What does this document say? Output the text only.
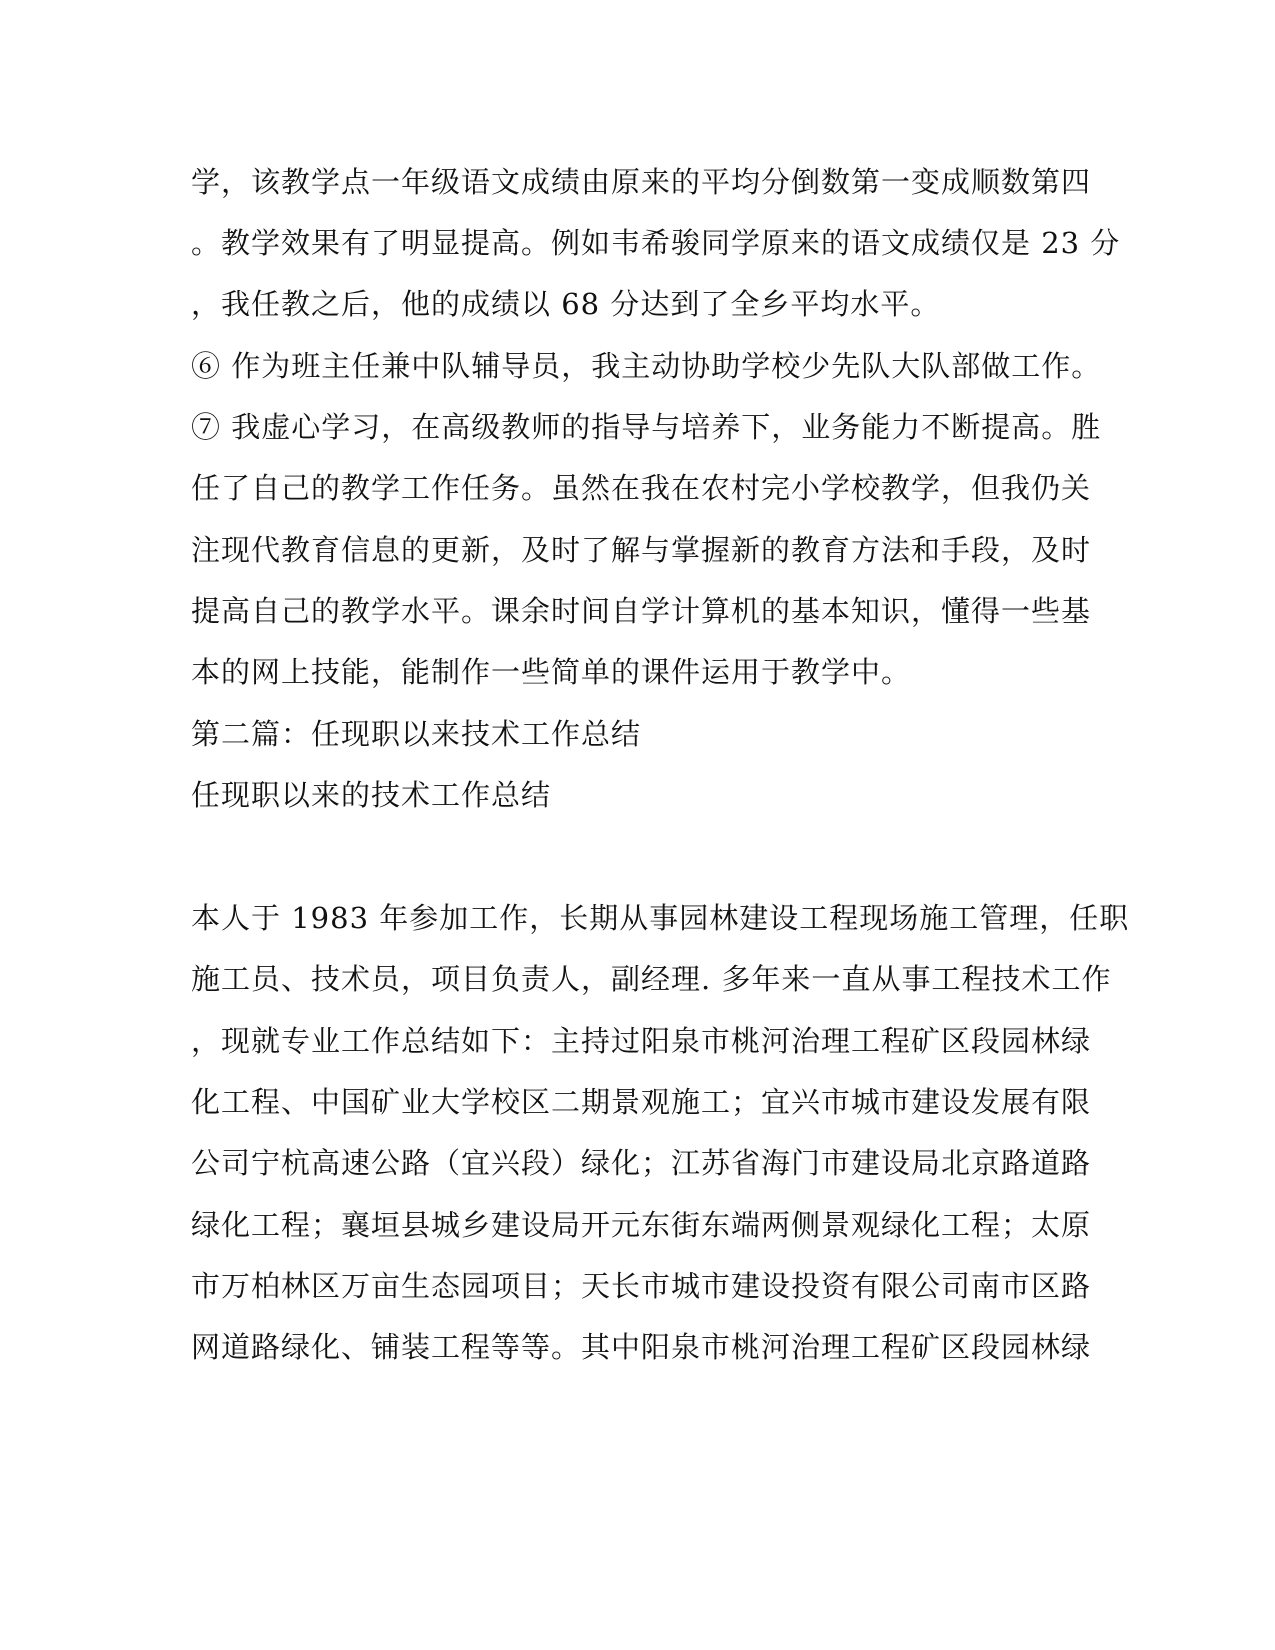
学，该教学点一年级语文成绩由原来的平均分倒数第一变成顺数第四
。教学效果有了明显提高。例如韦希骏同学原来的语文成绩仅是 23 分
，我任教之后，他的成绩以 68 分达到了全乡平均水平。
⑥ 作为班主任兼中队辅导员，我主动协助学校少先队大队部做工作。
⑦ 我虚心学习，在高级教师的指导与培养下，业务能力不断提高。胜
任了自己的教学工作任务。虽然在我在农村完小学校教学，但我仍关
注现代教育信息的更新，及时了解与掌握新的教育方法和手段，及时
提高自己的教学水平。课余时间自学计算机的基本知识，懂得一些基
本的网上技能，能制作一些简单的课件运用于教学中。
第二篇：任现职以来技术工作总结
任现职以来的技术工作总结
本人于 1983 年参加工作，长期从事园林建设工程现场施工管理，任职
施工员、技术员，项目负责人，副经理. 多年来一直从事工程技术工作
，现就专业工作总结如下：主持过阳泉市桃河治理工程矿区段园林绿
化工程、中国矿业大学校区二期景观施工；宜兴市城市建设发展有限
公司宁杭高速公路（宜兴段）绿化；江苏省海门市建设局北京路道路
绿化工程；襄垣县城乡建设局开元东街东端两侧景观绿化工程；太原
市万柏林区万亩生态园项目；天长市城市建设投资有限公司南市区路
网道路绿化、铺装工程等等。其中阳泉市桃河治理工程矿区段园林绿
